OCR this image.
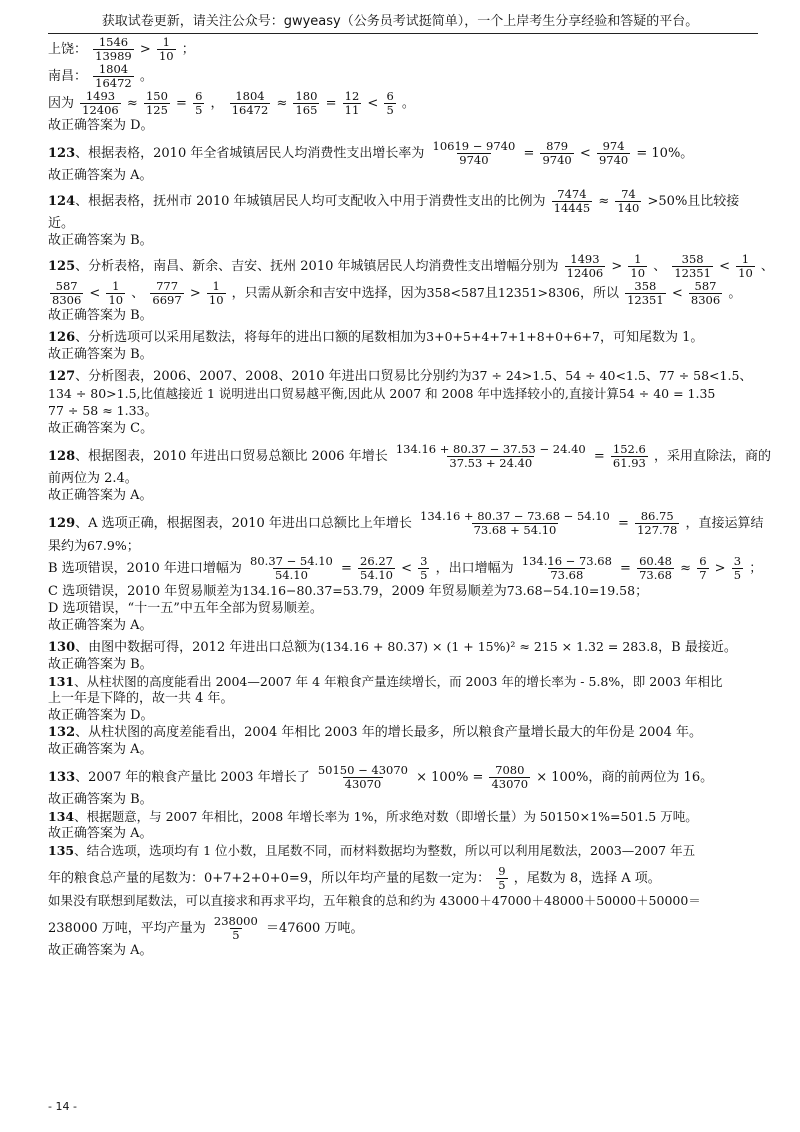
获取试卷更新，请关注公众号：gwyeasy（公务员考试挺简单），一个上岸考生分享经验和答疑的平台。
上饶： $\frac{1546}{13989} > \frac{1}{10}$ ；
南昌： $\frac{1804}{16472}$ 。
因为 $\frac{1493}{12406} \approx \frac{150}{125} = \frac{6}{5}$ ， $\frac{1804}{16472} \approx \frac{180}{165} = \frac{12}{11} < \frac{6}{5}$ 。
故正确答案为 D。
123、根据表格，2010 年全省城镇居民人均消费性支出增长率为 $\frac{10619 - 9740}{9740} = \frac{879}{9740} < \frac{974}{9740} = 10\%$。
故正确答案为 A。
124、根据表格，抚州市 2010 年城镇居民人均可支配收入中用于消费性支出的比例为 $\frac{7474}{14445} \approx \frac{74}{140} >50\%$且比较接
近。
故正确答案为 B。
125、分析表格，南昌、新余、吉安、抚州 2010 年城镇居民人均消费性支出增幅分别为 $\frac{1493}{12406} > \frac{1}{10}$ 、 $\frac{358}{12351} < \frac{1}{10}$ 、
$\frac{587}{8306} < \frac{1}{10}$ 、 $\frac{777}{6697} > \frac{1}{10}$ ，只需从新余和吉安中选择，因为358<587且12351>8306，所以 $\frac{358}{12351} < \frac{587}{8306}$ 。
故正确答案为 B。
126、分析选项可以采用尾数法，将每年的进出口额的尾数相加为3+0+5+4+7+1+8+0+6+7，可知尾数为 1。
故正确答案为 B。
127、分析图表，2006、2007、2008、2010 年进出口贸易比分别约为37 ÷ 24>1.5、54 ÷ 40<1.5、77 ÷ 58<1.5、
134 ÷ 80>1.5,比值越接近 1 说明进出口贸易越平衡,因此从 2007 和 2008 年中选择较小的,直接计算54 ÷ 40 = 1.35
77 ÷ 58 ≈ 1.33。
故正确答案为 C。
128、根据图表，2010 年进出口贸易总额比 2006 年增长 $\frac{134.16 + 80.37 - 37.53 - 24.40}{37.53 + 24.40} = \frac{152.6}{61.93}$ ，采用直除法，商的
前两位为 2.4。
故正确答案为 A。
129、A 选项正确，根据图表，2010 年进出口总额比上年增长 $\frac{134.16 + 80.37 - 73.68 - 54.10}{73.68 + 54.10} = \frac{86.75}{127.78}$ ，直接运算结
果约为67.9%；
B 选项错误，2010 年进口增幅为 $\frac{80.37 - 54.10}{54.10} = \frac{26.27}{54.10} < \frac{3}{5}$ ，出口增幅为 $\frac{134.16 - 73.68}{73.68} = \frac{60.48}{73.68} \approx \frac{6}{7} > \frac{3}{5}$ ；
C 选项错误，2010 年贸易顺差为134.16−80.37=53.79，2009 年贸易顺差为73.68−54.10=19.58；
D 选项错误，“十一五”中五年全部为贸易顺差。
故正确答案为 A。
130、由图中数据可得，2012 年进出口总额为(134.16 + 80.37) × (1 + 15%)² ≈ 215 × 1.32 = 283.8，B 最接近。
故正确答案为 B。
131、从柱状图的高度能看出 2004—2007 年 4 年粮食产量连续增长，而 2003 年的增长率为 - 5.8%，即 2003 年相比
上一年是下降的，故一共 4 年。
故正确答案为 D。
132、从柱状图的高度差能看出，2004 年相比 2003 年的增长最多，所以粮食产量增长最大的年份是 2004 年。
故正确答案为 A。
133、2007 年的粮食产量比 2003 年增长了 $\frac{50150 - 43070}{43070} \times 100\% = \frac{7080}{43070} \times 100\%$，商的前两位为 16。
故正确答案为 B。
134、根据题意，与 2007 年相比，2008 年增长率为 1%，所求绝对数（即增长量）为 50150×1%=501.5 万吨。
故正确答案为 A。
135、结合选项，选项均有 1 位小数，且尾数不同，而材料数据均为整数，所以可以利用尾数法，2003—2007 年五
年的粮食总产量的尾数为：0+7+2+0+0=9，所以年均产量的尾数一定为： $\frac{9}{5}$ ，尾数为 8，选择 A 项。
如果没有联想到尾数法，可以直接求和再求平均，五年粮食的总和约为 43000＋47000＋48000＋50000＋50000＝
238000 万吨，平均产量为 $\frac{238000}{5} =47600$ 万吨。
故正确答案为 A。
- 14 -
